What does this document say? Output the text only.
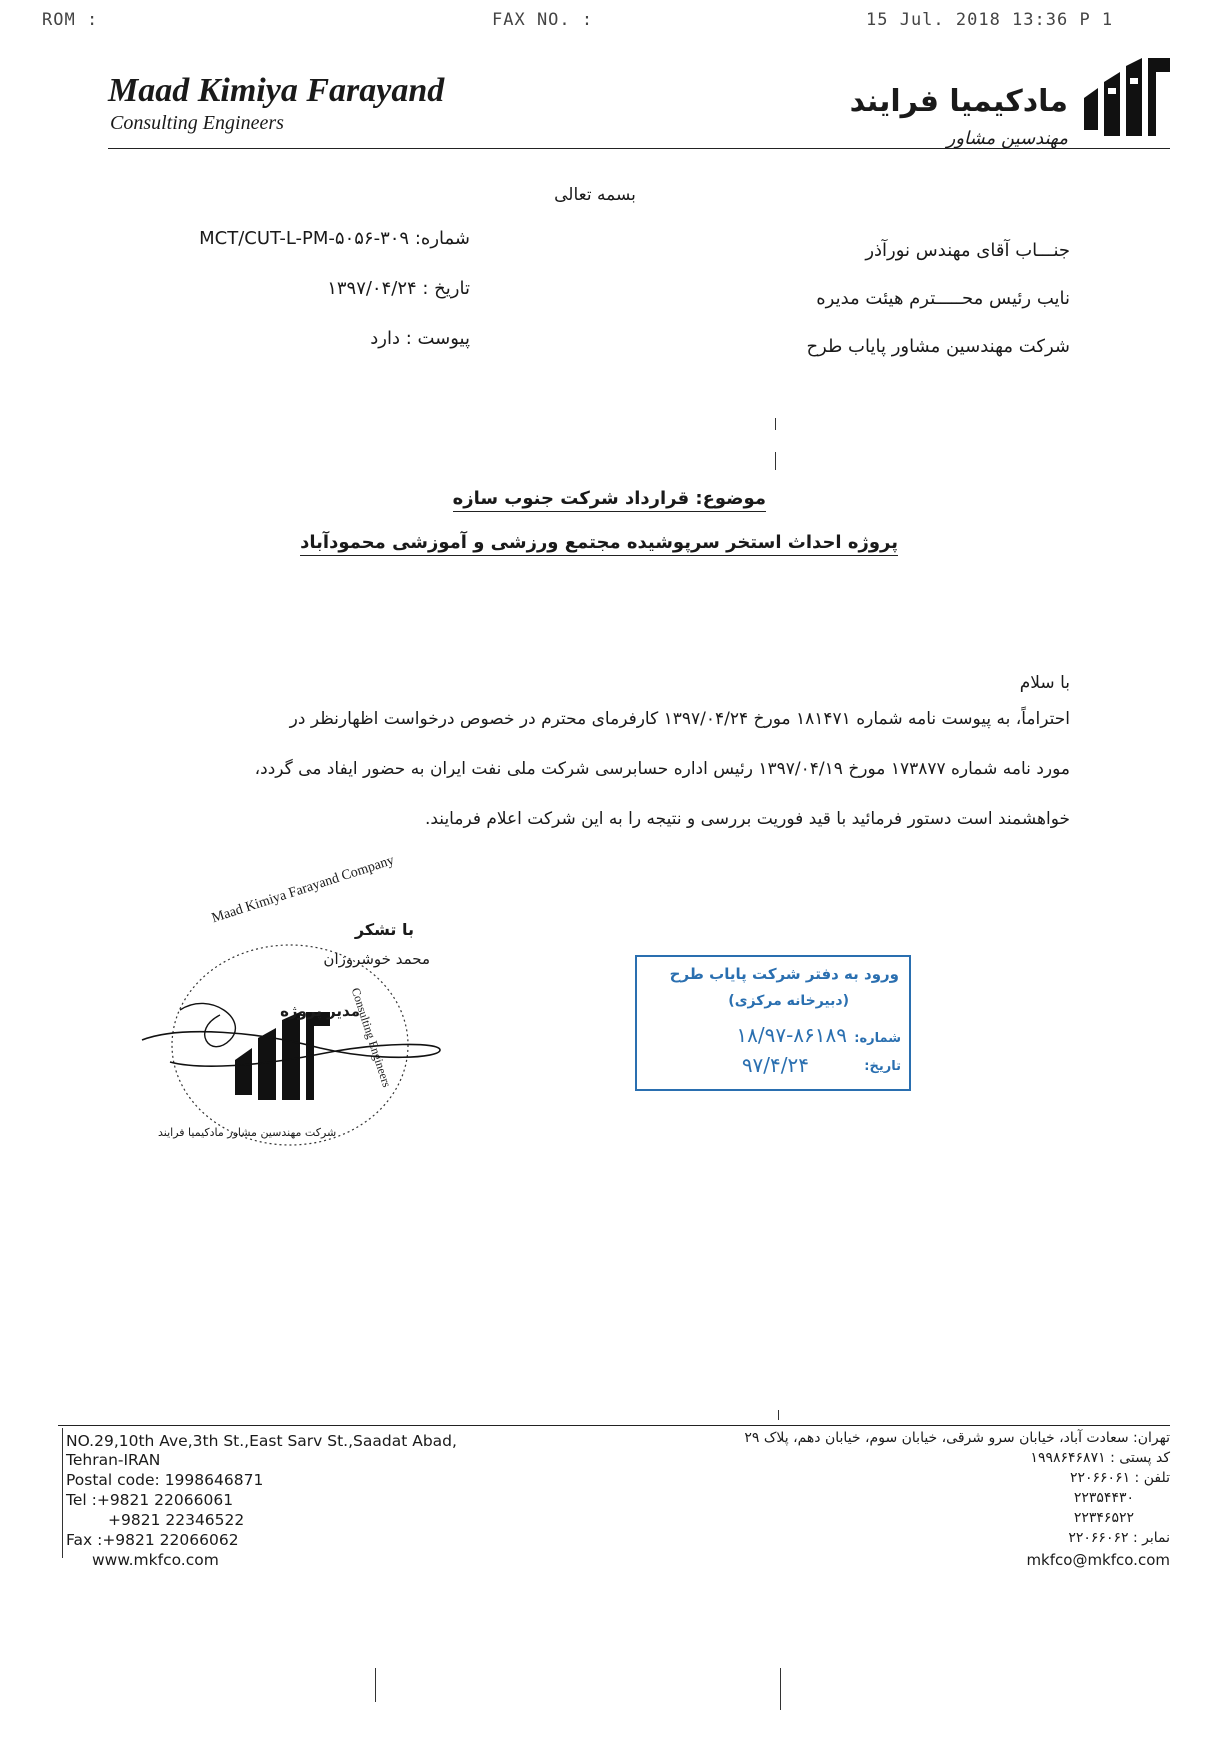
ROM :	FAX NO. :	15 Jul. 2018 13:36 P 1
Maad Kimiya Farayand
Consulting Engineers
مادکیمیا فرایند
مهندسین مشاور
بسمه تعالی
شماره: ۳۰۹-MCT/CUT-L-PM-۵۰۵۶
تاریخ : ۱۳۹۷/۰۴/۲۴
پیوست : دارد
جنـــاب آقای مهندس نورآذر
نایب رئیس محـــــترم هیئت مدیره
شرکت مهندسین مشاور پایاب طرح
موضوع: قرارداد شرکت جنوب سازه
پروژه احداث استخر سرپوشیده مجتمع ورزشی و آموزشی محمودآباد
با سلام
احتراماً، به پیوست نامه شماره ۱۸۱۴۷۱ مورخ ۱۳۹۷/۰۴/۲۴ کارفرمای محترم در خصوص درخواست اظهارنظر در
مورد نامه شماره ۱۷۳۸۷۷ مورخ ۱۳۹۷/۰۴/۱۹ رئیس اداره حسابرسی شرکت ملی نفت ایران به حضور ایفاد می گردد،
خواهشمند است دستور فرمائید با قید فوریت بررسی و نتیجه را به این شرکت اعلام فرمایند.
با تشکر
محمد خوشروزان
مدیر پروژه
Maad Kimiya Farayand Company
Consulting Engineers
شرکت مهندسین مشاور مادکیمیا فرایند
ورود به دفتر شرکت پایاب طرح
(دبیرخانه مرکزی)
شماره:
۱۸/۹۷-۸۶۱۸۹
تاریخ:
۹۷/۴/۲۴
NO.29,10th Ave,3th St.,East Sarv St.,Saadat Abad,
Tehran-IRAN
Postal code: 1998646871
Tel :+9821 22066061
+9821 22346522
Fax :+9821 22066062
www.mkfco.com
تهران: سعادت آباد، خیابان سرو شرقی، خیابان سوم، خیابان دهم، پلاک ۲۹
کد پستی : ۱۹۹۸۶۴۶۸۷۱
تلفن : ۲۲۰۶۶۰۶۱
۲۲۳۵۴۴۳۰
۲۲۳۴۶۵۲۲
نمابر : ۲۲۰۶۶۰۶۲
mkfco@mkfco.com
